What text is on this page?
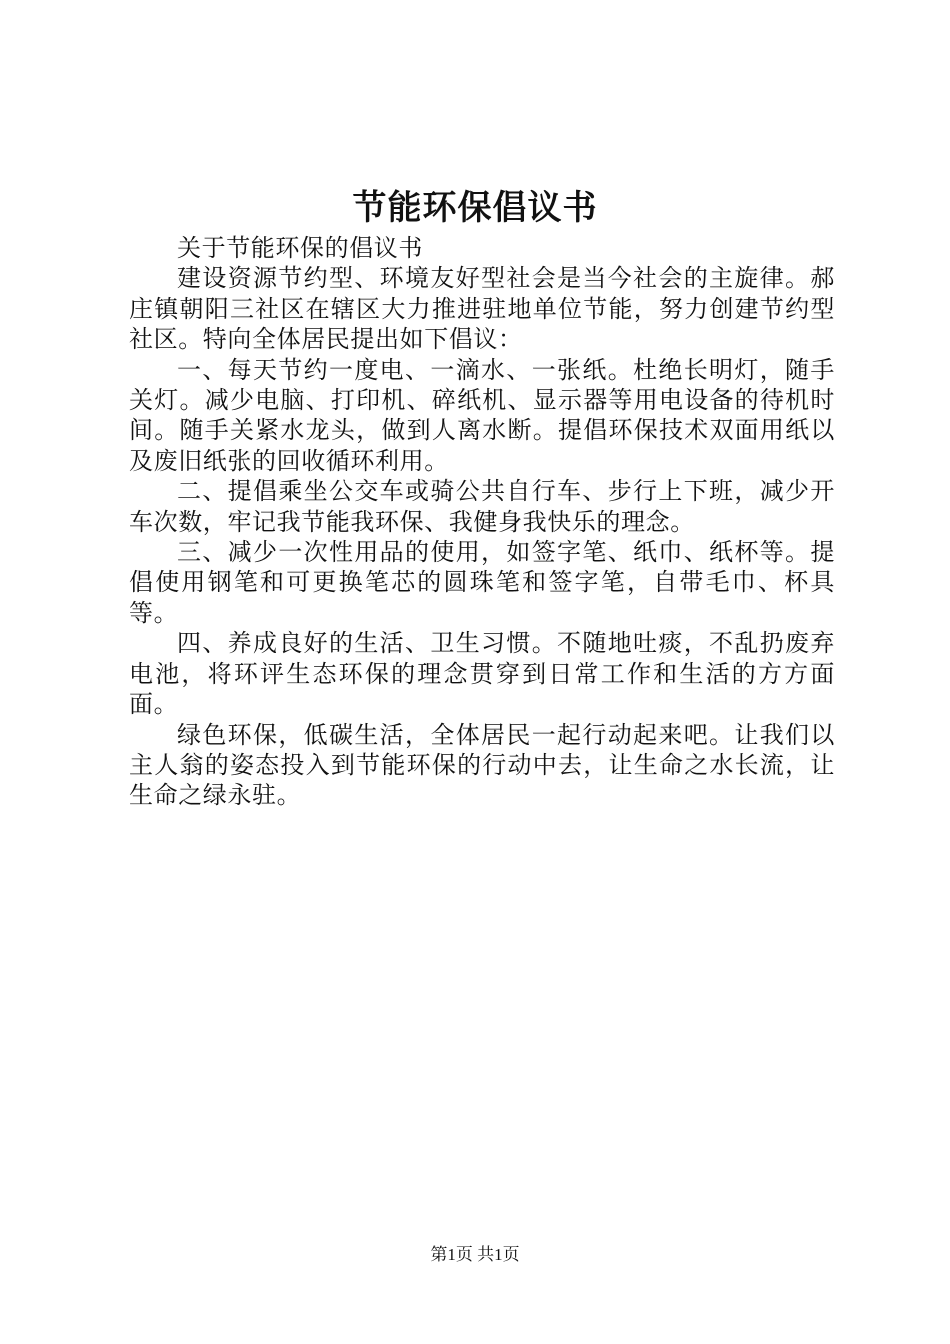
节能环保倡议书

关于节能环保的倡议书

建设资源节约型、环境友好型社会是当今社会的主旋律。郝庄镇朝阳三社区在辖区大力推进驻地单位节能，努力创建节约型社区。特向全体居民提出如下倡议：

一、每天节约一度电、一滴水、一张纸。杜绝长明灯，随手关灯。减少电脑、打印机、碎纸机、显示器等用电设备的待机时间。随手关紧水龙头，做到人离水断。提倡环保技术双面用纸以及废旧纸张的回收循环利用。

二、提倡乘坐公交车或骑公共自行车、步行上下班，减少开车次数，牢记我节能我环保、我健身我快乐的理念。

三、减少一次性用品的使用，如签字笔、纸巾、纸杯等。提倡使用钢笔和可更换笔芯的圆珠笔和签字笔，自带毛巾、杯具等。

四、养成良好的生活、卫生习惯。不随地吐痰，不乱扔废弃电池，将环评生态环保的理念贯穿到日常工作和生活的方方面面。

绿色环保，低碳生活，全体居民一起行动起来吧。让我们以主人翁的姿态投入到节能环保的行动中去，让生命之水长流，让生命之绿永驻。

第1页 共1页
